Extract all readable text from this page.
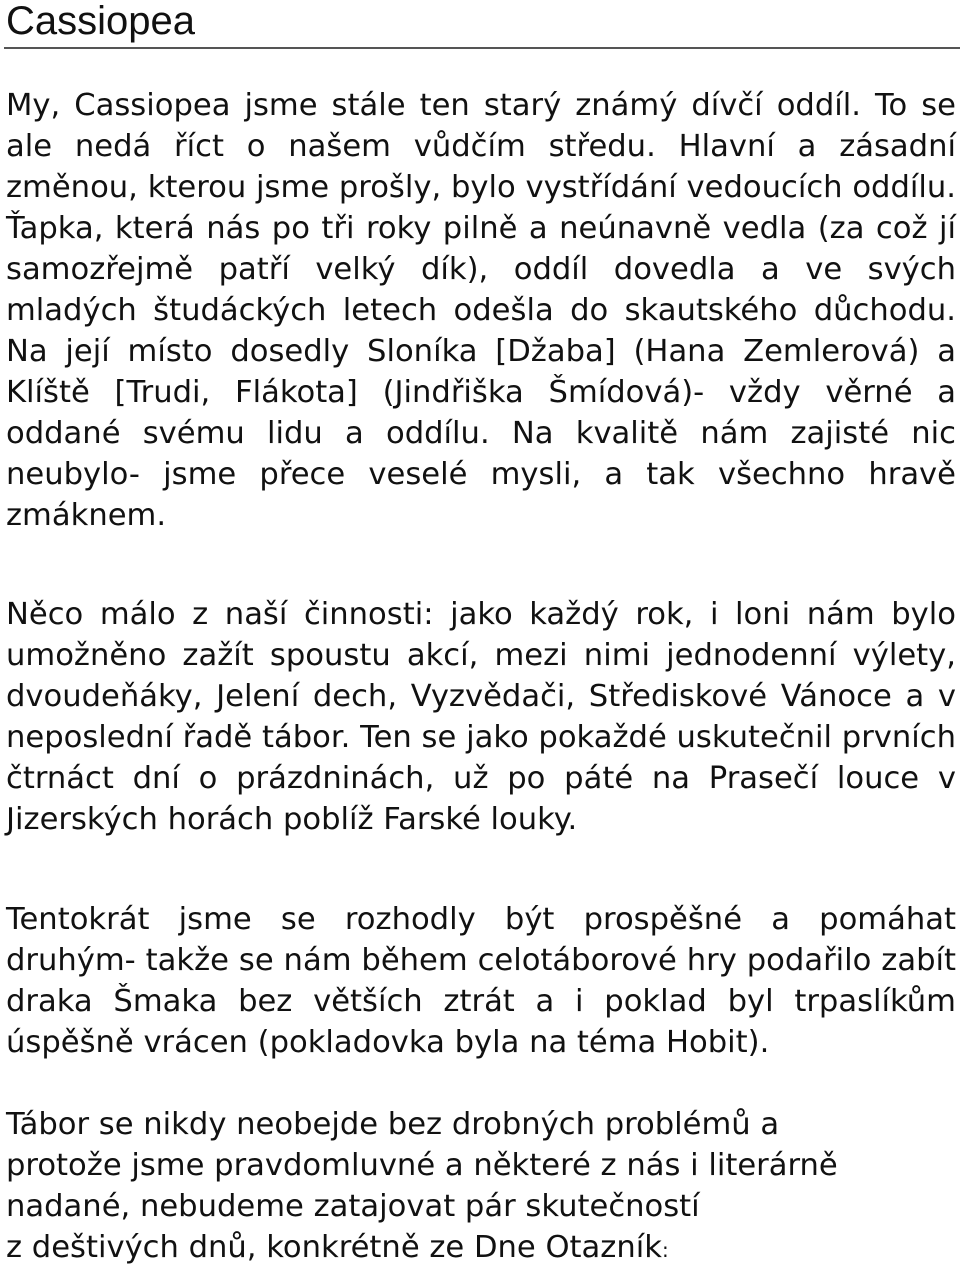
Cassiopea

My, Cassiopea jsme stále ten starý známý dívčí oddíl. To se ale nedá říct o našem vůdčím středu. Hlavní a zásadní změnou, kterou jsme prošly, bylo vystřídání vedoucích oddílu. Ťapka, která nás po tři roky pilně a neúnavně vedla (za což jí samozřejmě patří velký dík), oddíl dovedla a ve svých mladých študáckých letech odešla do skautského důchodu. Na její místo dosedly Sloníka [Džaba] (Hana Zemlerová) a Klíště [Trudi, Flákota] (Jindřiška Šmídová)- vždy věrné a oddané svému lidu a oddílu. Na kvalitě nám zajisté nic neubylo- jsme přece veselé mysli, a tak všechno hravě zmáknem.

Něco málo z naší činnosti: jako každý rok, i loni nám bylo umožněno zažít spoustu akcí, mezi nimi jednodenní výlety, dvoudeňáky, Jelení dech, Vyzvědači, Střediskové Vánoce a v neposlední řadě tábor. Ten se jako pokaždé uskutečnil prvních čtrnáct dní o prázdninách, už po páté na Prasečí louce v Jizerských horách poblíž Farské louky.

Tentokrát jsme se rozhodly být prospěšné a pomáhat druhým- takže se nám během celotáborové hry podařilo zabít draka Šmaka bez větších ztrát a i poklad byl trpaslíkům úspěšně vrácen (pokladovka byla na téma Hobit).

Tábor se nikdy neobejde bez drobných problémů a
protože jsme pravdomluvné a některé z nás i literárně
nadané, nebudeme zatajovat pár skutečností
z deštivých dnů, konkrétně ze Dne Otazník:
